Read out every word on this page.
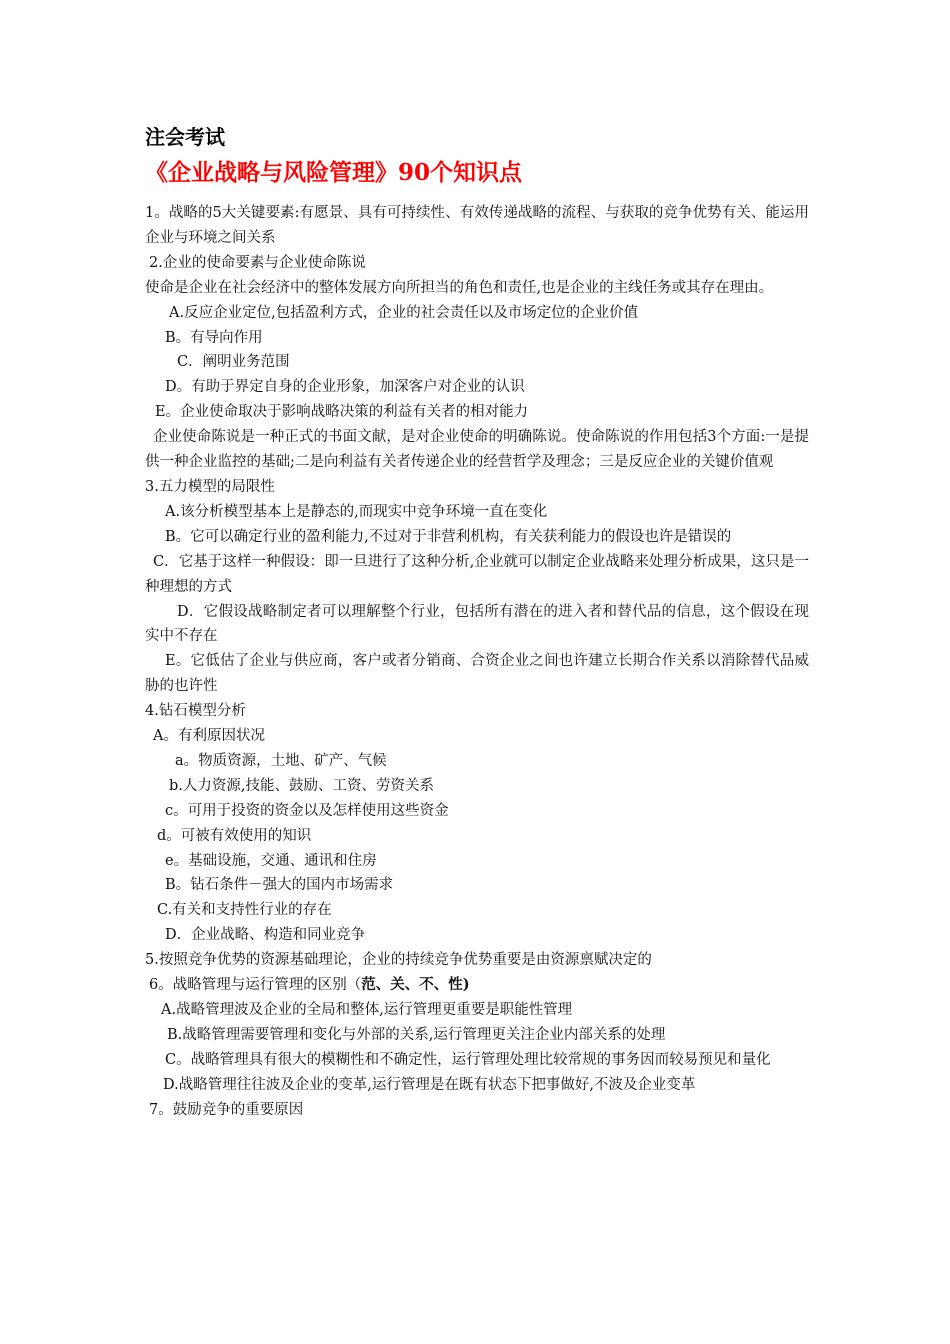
注会考试
《企业战略与风险管理》90个知识点
1。战略的5大关键要素:有愿景、具有可持续性、有效传递战略的流程、与获取的竞争优势有关、能运用企业与环境之间关系
2.企业的使命要素与企业使命陈说
使命是企业在社会经济中的整体发展方向所担当的角色和责任,也是企业的主线任务或其存在理由。
A.反应企业定位,包括盈利方式，企业的社会责任以及市场定位的企业价值
B。有导向作用
C．阐明业务范围
D。有助于界定自身的企业形象，加深客户对企业的认识
E。企业使命取决于影响战略决策的利益有关者的相对能力
企业使命陈说是一种正式的书面文献，是对企业使命的明确陈说。使命陈说的作用包括3个方面:一是提供一种企业监控的基础;二是向利益有关者传递企业的经营哲学及理念；三是反应企业的关键价值观
3.五力模型的局限性
A.该分析模型基本上是静态的,而现实中竞争环境一直在变化
B。它可以确定行业的盈利能力,不过对于非营利机构，有关获利能力的假设也许是错误的
C．它基于这样一种假设：即一旦进行了这种分析,企业就可以制定企业战略来处理分析成果，这只是一种理想的方式
D．它假设战略制定者可以理解整个行业，包括所有潜在的进入者和替代品的信息，这个假设在现实中不存在
E。它低估了企业与供应商，客户或者分销商、合资企业之间也许建立长期合作关系以消除替代品威胁的也许性
4.钻石模型分析
A。有利原因状况
a。物质资源，土地、矿产、气候
b.人力资源,技能、鼓励、工资、劳资关系
c。可用于投资的资金以及怎样使用这些资金
d。可被有效使用的知识
e。基础设施，交通、通讯和住房
B。钻石条件－强大的国内市场需求
C.有关和支持性行业的存在
D．企业战略、构造和同业竞争
5.按照竞争优势的资源基础理论，企业的持续竞争优势重要是由资源禀赋决定的
6。战略管理与运行管理的区别（范、关、不、性)
A.战略管理波及企业的全局和整体,运行管理更重要是职能性管理
B.战略管理需要管理和变化与外部的关系,运行管理更关注企业内部关系的处理
C。战略管理具有很大的模糊性和不确定性，运行管理处理比较常规的事务因而较易预见和量化
D.战略管理往往波及企业的变革,运行管理是在既有状态下把事做好,不波及企业变革
7。鼓励竞争的重要原因
